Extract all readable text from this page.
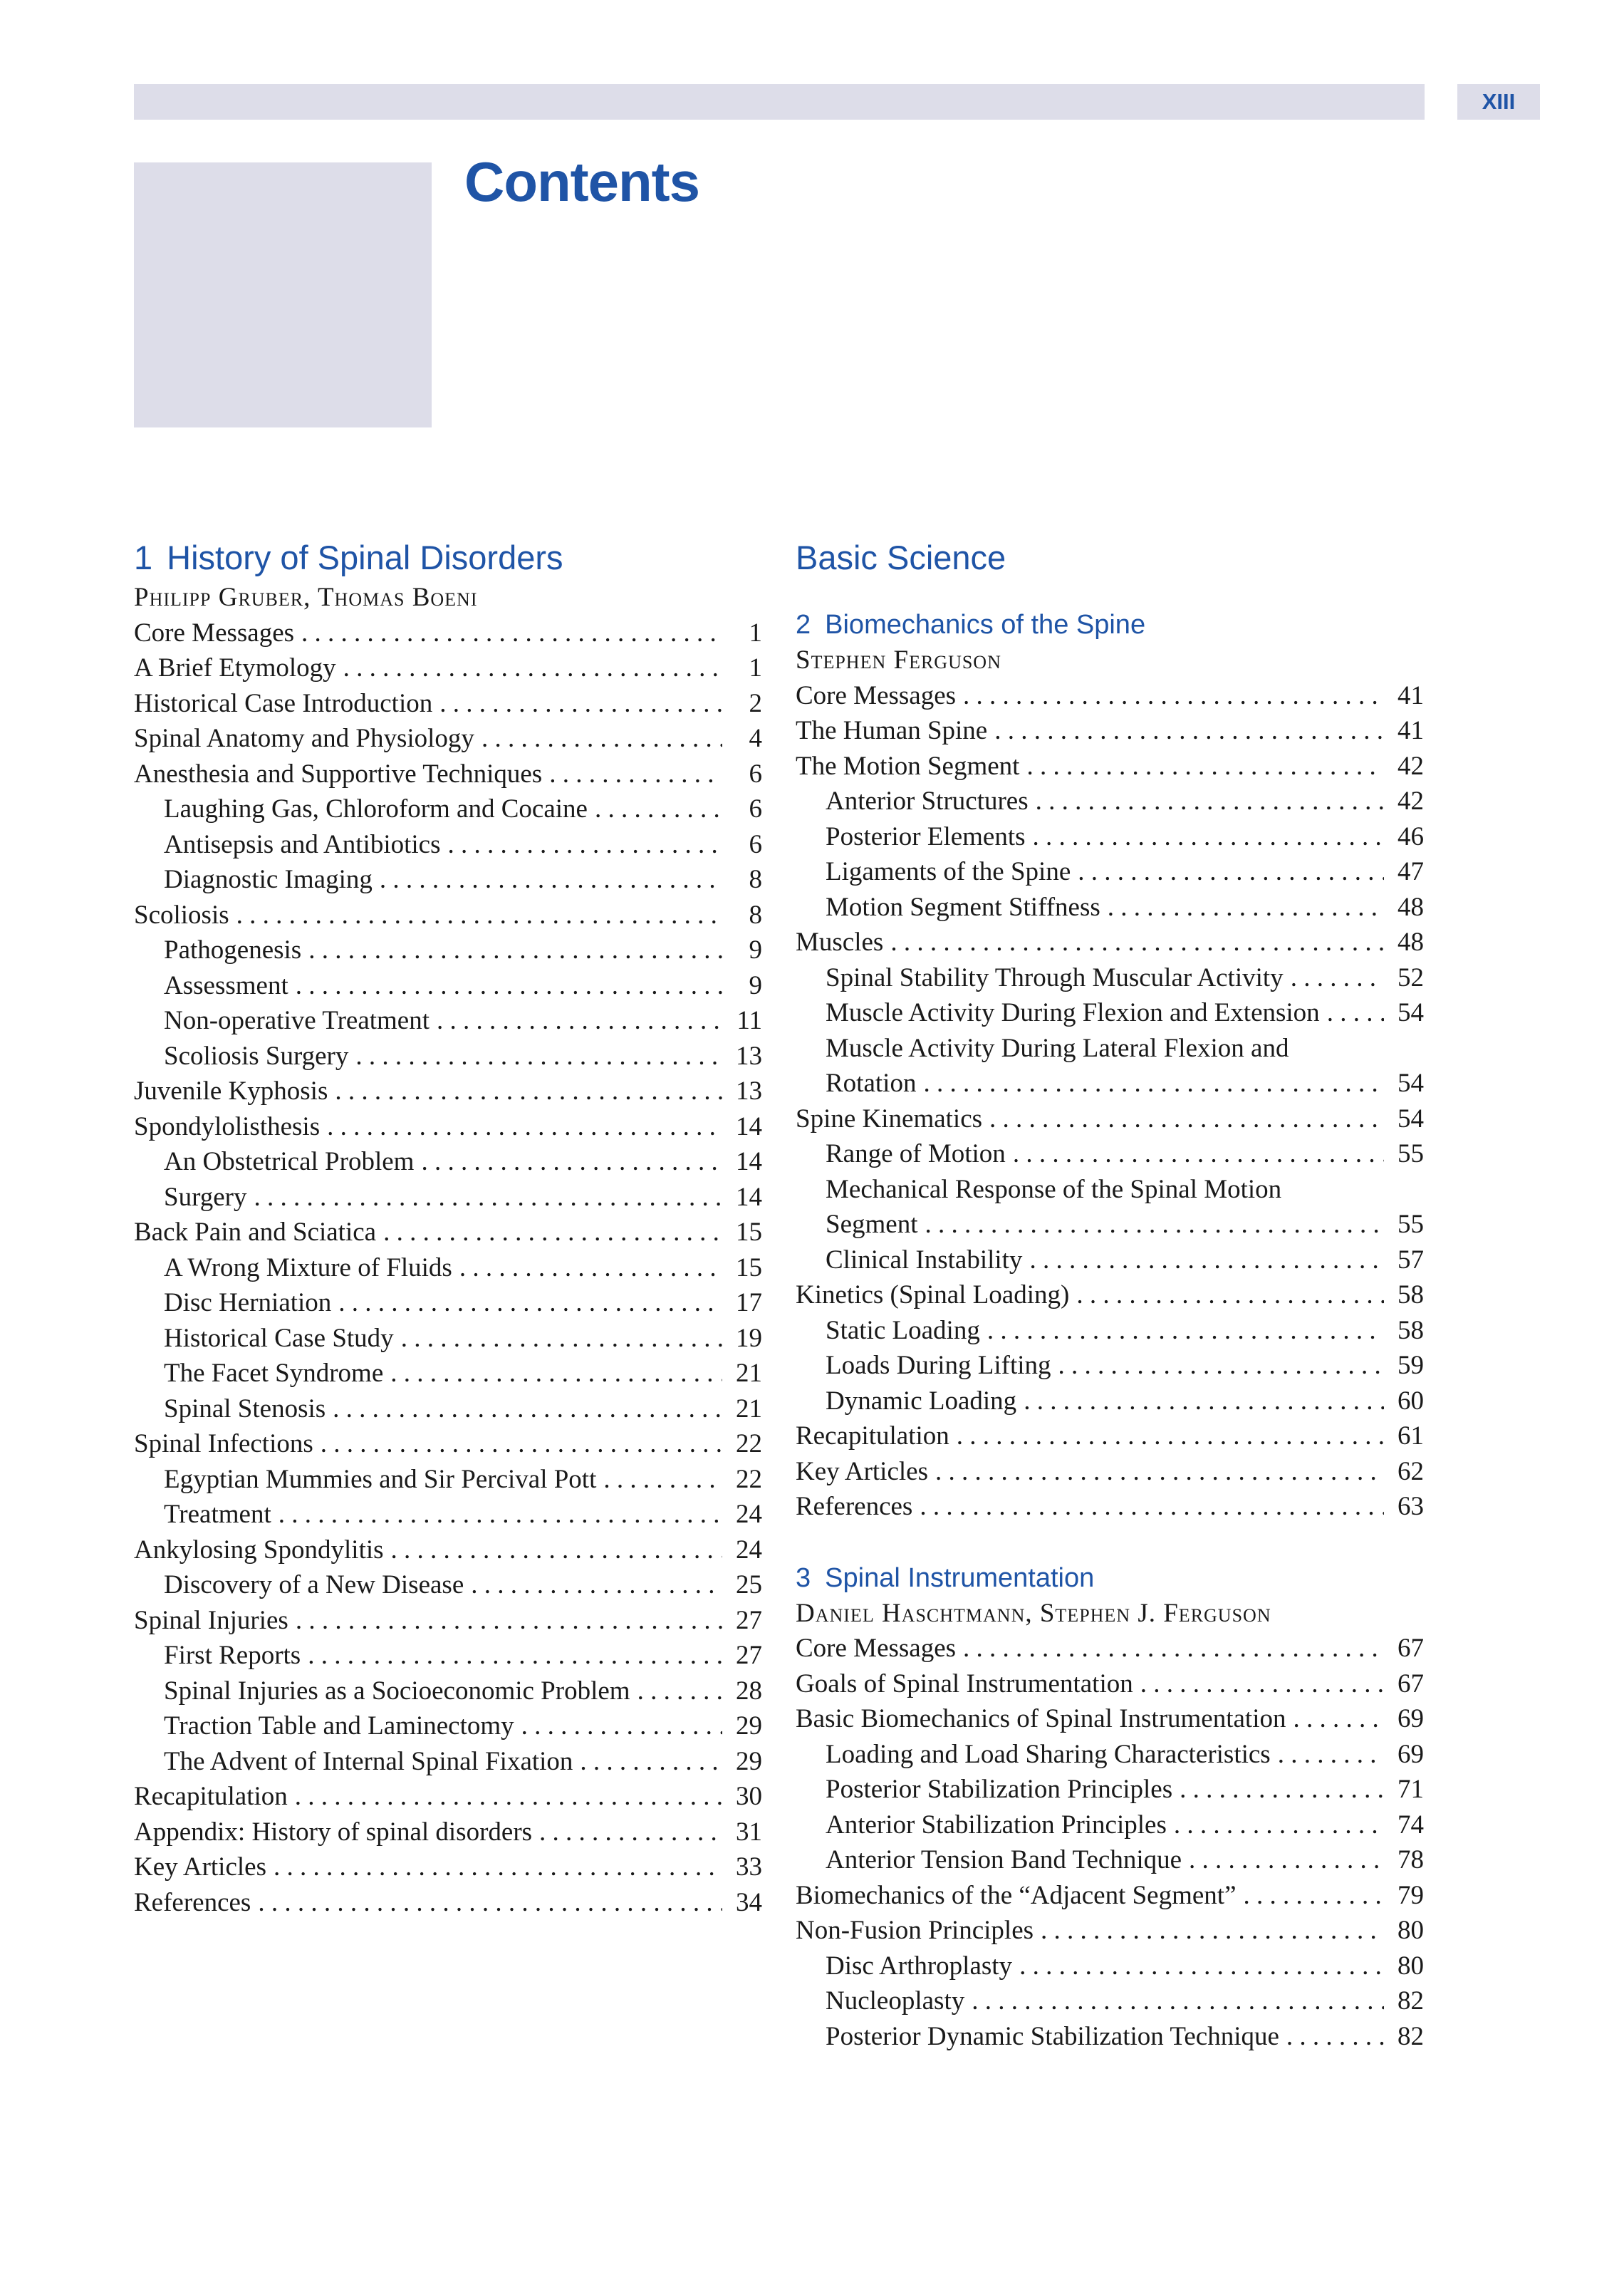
XIII
Contents
1 History of Spinal Disorders
Philipp Gruber, Thomas Boeni
Core Messages . . .	1
A Brief Etymology . . .	1
Historical Case Introduction . . .	2
Spinal Anatomy and Physiology . . .	4
Anesthesia and Supportive Techniques . . .	6
Laughing Gas, Chloroform and Cocaine . . .	6
Antisepsis and Antibiotics . . .	6
Diagnostic Imaging . . .	8
Scoliosis . . .	8
Pathogenesis . . .	9
Assessment . . .	9
Non-operative Treatment . . .	11
Scoliosis Surgery . . .	13
Juvenile Kyphosis . . .	13
Spondylolisthesis . . .	14
An Obstetrical Problem . . .	14
Surgery . . .	14
Back Pain and Sciatica . . .	15
A Wrong Mixture of Fluids . . .	15
Disc Herniation . . .	17
Historical Case Study . . .	19
The Facet Syndrome . . .	21
Spinal Stenosis . . .	21
Spinal Infections . . .	22
Egyptian Mummies and Sir Percival Pott . . .	22
Treatment . . .	24
Ankylosing Spondylitis . . .	24
Discovery of a New Disease . . .	25
Spinal Injuries . . .	27
First Reports . . .	27
Spinal Injuries as a Socioeconomic Problem . . .	28
Traction Table and Laminectomy . . .	29
The Advent of Internal Spinal Fixation . . .	29
Recapitulation . . .	30
Appendix: History of spinal disorders . . .	31
Key Articles . . .	33
References . . .	34
Basic Science
2 Biomechanics of the Spine
Stephen Ferguson
Core Messages . . .	41
The Human Spine . . .	41
The Motion Segment . . .	42
Anterior Structures . . .	42
Posterior Elements . . .	46
Ligaments of the Spine . . .	47
Motion Segment Stiffness . . .	48
Muscles . . .	48
Spinal Stability Through Muscular Activity . . .	52
Muscle Activity During Flexion and Extension . . .	54
Muscle Activity During Lateral Flexion and
Rotation . . .	54
Spine Kinematics . . .	54
Range of Motion . . .	55
Mechanical Response of the Spinal Motion
Segment . . .	55
Clinical Instability . . .	57
Kinetics (Spinal Loading) . . .	58
Static Loading . . .	58
Loads During Lifting . . .	59
Dynamic Loading . . .	60
Recapitulation . . .	61
Key Articles . . .	62
References . . .	63
3 Spinal Instrumentation
Daniel Haschtmann, Stephen J. Ferguson
Core Messages . . .	67
Goals of Spinal Instrumentation . . .	67
Basic Biomechanics of Spinal Instrumentation . . .	69
Loading and Load Sharing Characteristics . . .	69
Posterior Stabilization Principles . . .	71
Anterior Stabilization Principles . . .	74
Anterior Tension Band Technique . . .	78
Biomechanics of the “Adjacent Segment” . . .	79
Non-Fusion Principles . . .	80
Disc Arthroplasty . . .	80
Nucleoplasty . . .	82
Posterior Dynamic Stabilization Technique . . .	82
